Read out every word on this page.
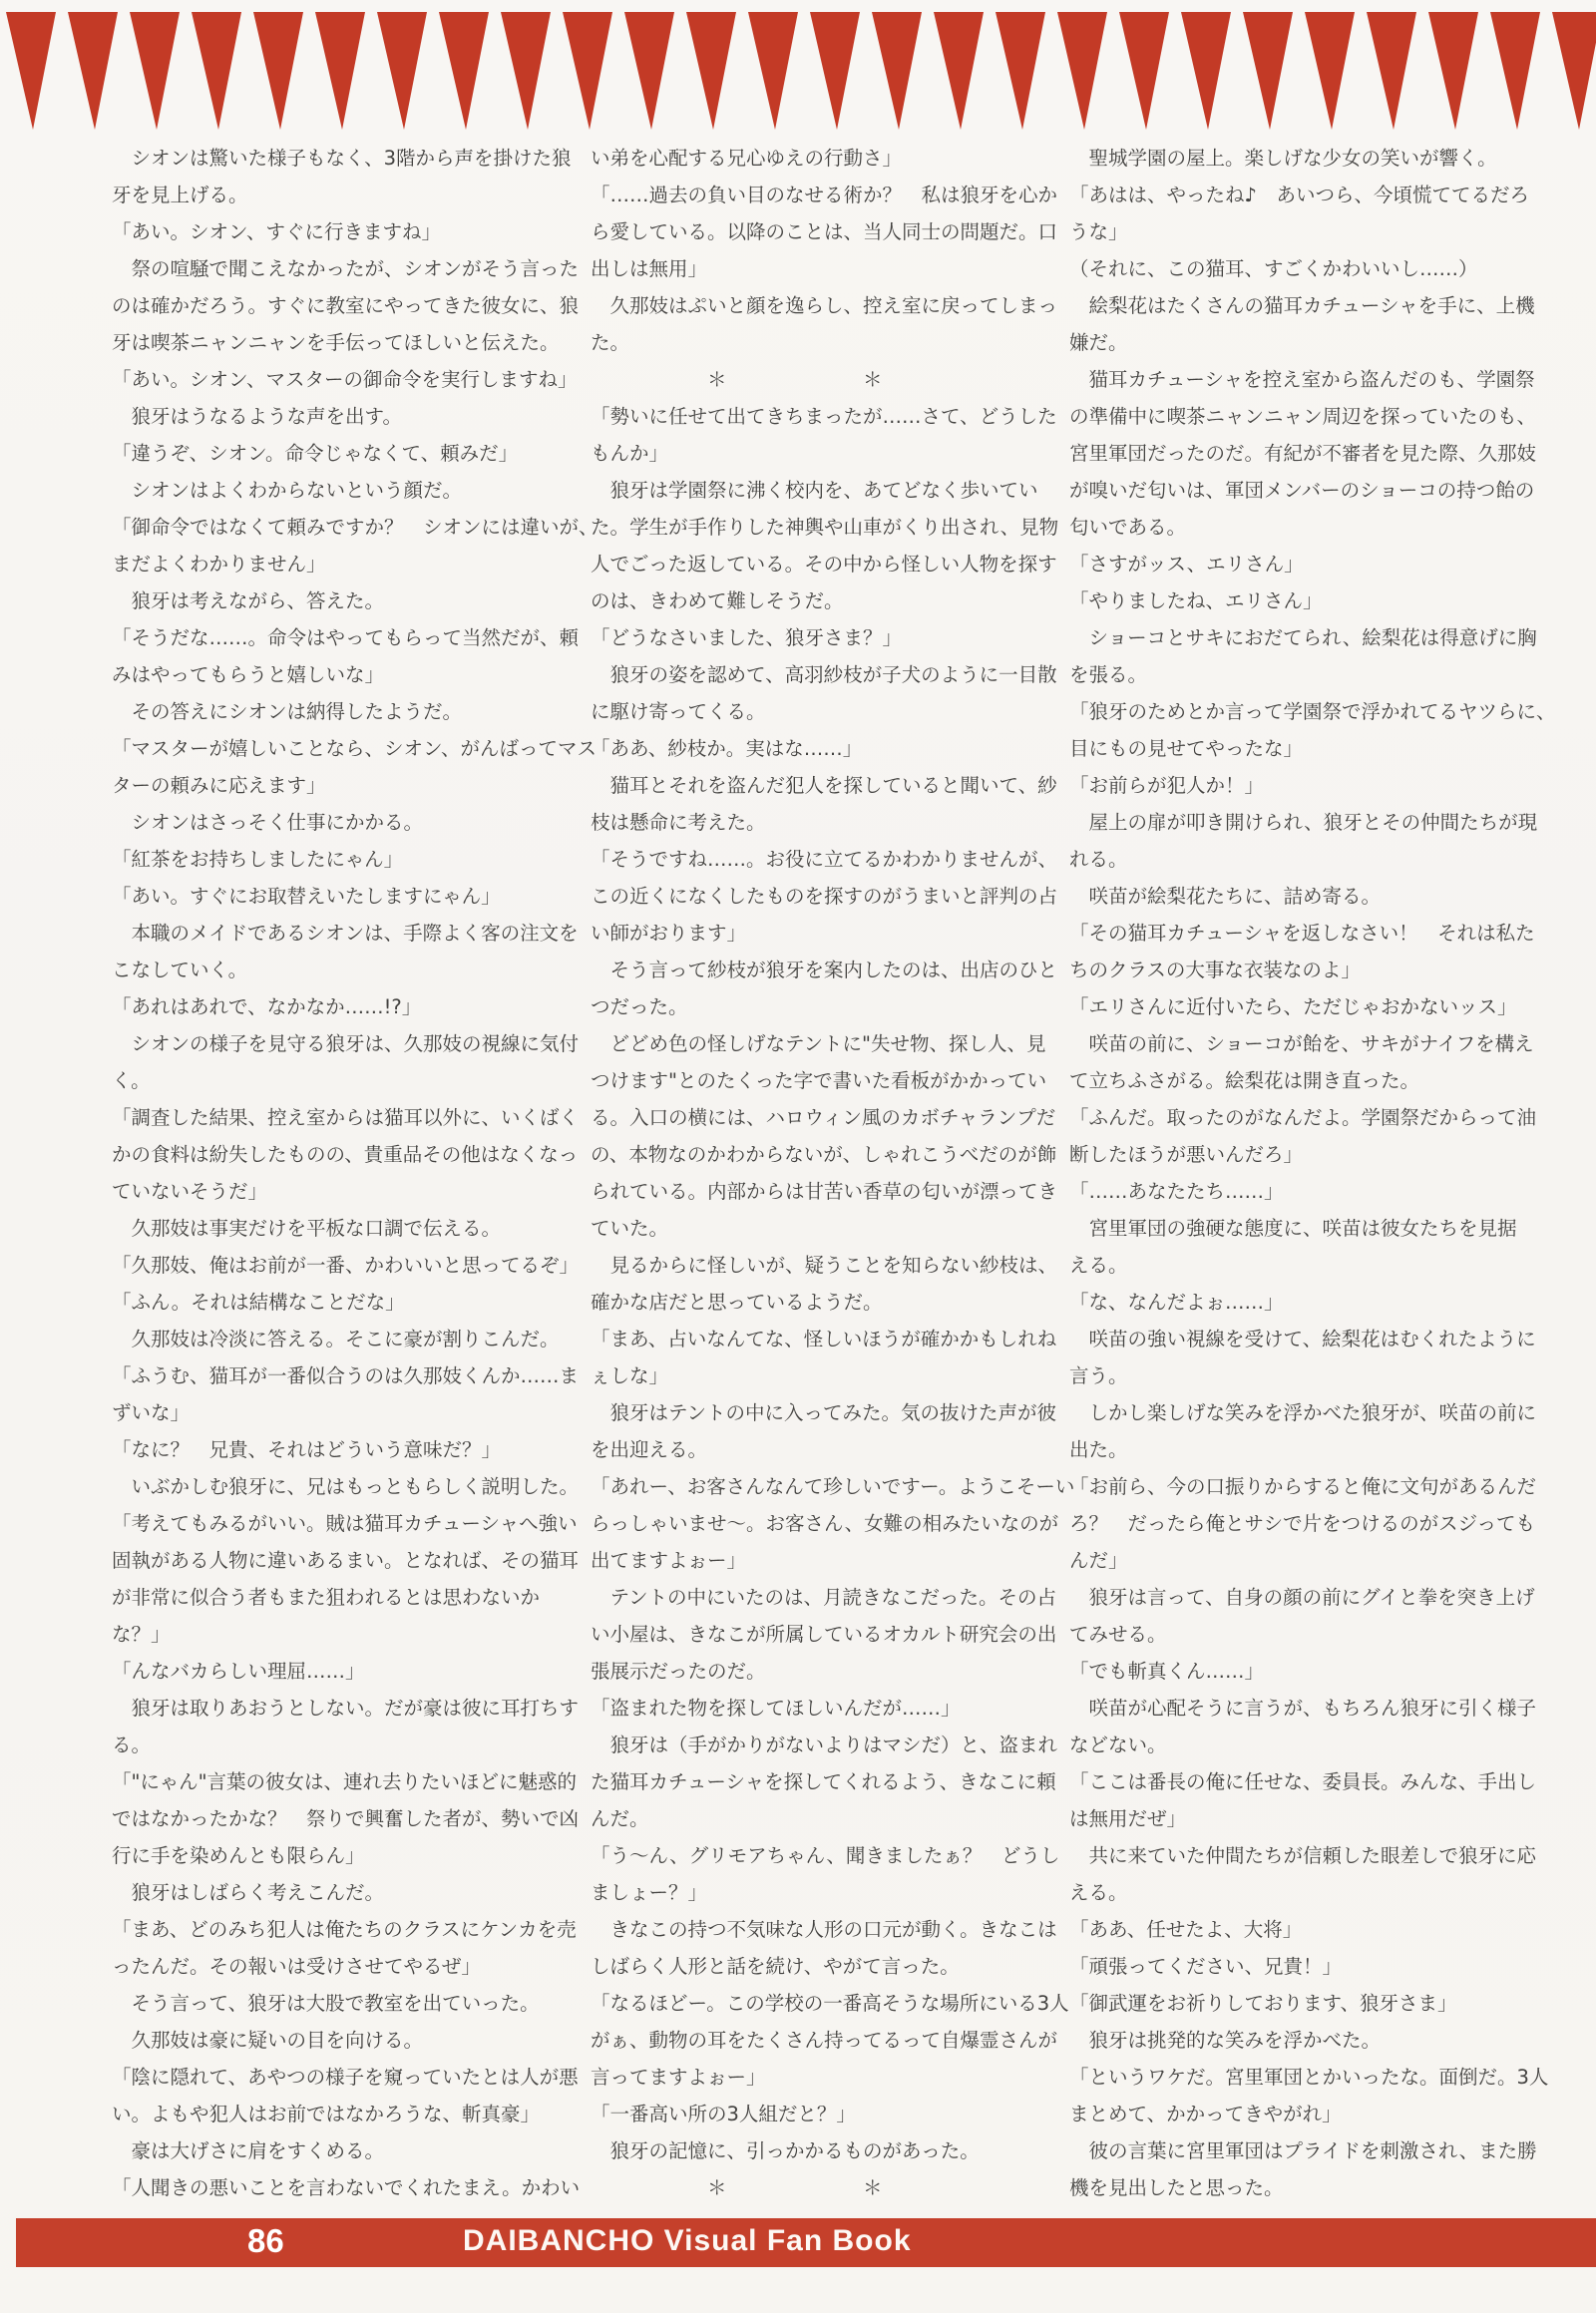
　シオンは驚いた様子もなく、3階から声を掛けた狼
牙を見上げる。
「あい。シオン、すぐに行きますね」
　祭の喧騒で聞こえなかったが、シオンがそう言った
のは確かだろう。すぐに教室にやってきた彼女に、狼
牙は喫茶ニャンニャンを手伝ってほしいと伝えた。
「あい。シオン、マスターの御命令を実行しますね」
　狼牙はうなるような声を出す。
「違うぞ、シオン。命令じゃなくて、頼みだ」
　シオンはよくわからないという顔だ。
「御命令ではなくて頼みですか？　シオンには違いが、
まだよくわかりません」
　狼牙は考えながら、答えた。
「そうだな……。命令はやってもらって当然だが、頼
みはやってもらうと嬉しいな」
　その答えにシオンは納得したようだ。
「マスターが嬉しいことなら、シオン、がんばってマス
ターの頼みに応えます」
　シオンはさっそく仕事にかかる。
「紅茶をお持ちしましたにゃん」
「あい。すぐにお取替えいたしますにゃん」
　本職のメイドであるシオンは、手際よく客の注文を
こなしていく。
「あれはあれで、なかなか……!?」
　シオンの様子を見守る狼牙は、久那妓の視線に気付
く。
「調査した結果、控え室からは猫耳以外に、いくばく
かの食料は紛失したものの、貴重品その他はなくなっ
ていないそうだ」
　久那妓は事実だけを平板な口調で伝える。
「久那妓、俺はお前が一番、かわいいと思ってるぞ」
「ふん。それは結構なことだな」
　久那妓は冷淡に答える。そこに豪が割りこんだ。
「ふうむ、猫耳が一番似合うのは久那妓くんか……ま
ずいな」
「なに？　兄貴、それはどういう意味だ？」
　いぶかしむ狼牙に、兄はもっともらしく説明した。
「考えてもみるがいい。賊は猫耳カチューシャへ強い
固執がある人物に違いあるまい。となれば、その猫耳
が非常に似合う者もまた狙われるとは思わないか
な？」
「んなバカらしい理屈……」
　狼牙は取りあおうとしない。だが豪は彼に耳打ちす
る。
「"にゃん"言葉の彼女は、連れ去りたいほどに魅惑的
ではなかったかな？　祭りで興奮した者が、勢いで凶
行に手を染めんとも限らん」
　狼牙はしばらく考えこんだ。
「まあ、どのみち犯人は俺たちのクラスにケンカを売
ったんだ。その報いは受けさせてやるぜ」
　そう言って、狼牙は大股で教室を出ていった。
　久那妓は豪に疑いの目を向ける。
「陰に隠れて、あやつの様子を窺っていたとは人が悪
い。よもや犯人はお前ではなかろうな、斬真豪」
　豪は大げさに肩をすくめる。
「人聞きの悪いことを言わないでくれたまえ。かわい
い弟を心配する兄心ゆえの行動さ」
「……過去の負い目のなせる術か？　私は狼牙を心か
ら愛している。以降のことは、当人同士の問題だ。口
出しは無用」
　久那妓はぷいと顔を逸らし、控え室に戻ってしまっ
た。
　　　　　　＊　　　　　　　＊
「勢いに任せて出てきちまったが……さて、どうした
もんか」
　狼牙は学園祭に沸く校内を、あてどなく歩いてい
た。学生が手作りした神輿や山車がくり出され、見物
人でごった返している。その中から怪しい人物を探す
のは、きわめて難しそうだ。
「どうなさいました、狼牙さま？」
　狼牙の姿を認めて、高羽紗枝が子犬のように一目散
に駆け寄ってくる。
「ああ、紗枝か。実はな……」
　猫耳とそれを盗んだ犯人を探していると聞いて、紗
枝は懸命に考えた。
「そうですね……。お役に立てるかわかりませんが、
この近くになくしたものを探すのがうまいと評判の占
い師がおります」
　そう言って紗枝が狼牙を案内したのは、出店のひと
つだった。
　どどめ色の怪しげなテントに"失せ物、探し人、見
つけます"とのたくった字で書いた看板がかかってい
る。入口の横には、ハロウィン風のカボチャランプだ
の、本物なのかわからないが、しゃれこうべだのが飾
られている。内部からは甘苦い香草の匂いが漂ってき
ていた。
　見るからに怪しいが、疑うことを知らない紗枝は、
確かな店だと思っているようだ。
「まあ、占いなんてな、怪しいほうが確かかもしれね
ぇしな」
　狼牙はテントの中に入ってみた。気の抜けた声が彼
を出迎える。
「あれー、お客さんなんて珍しいですー。ようこそーい
らっしゃいませ〜。お客さん、女難の相みたいなのが
出てますよぉー」
　テントの中にいたのは、月読きなこだった。その占
い小屋は、きなこが所属しているオカルト研究会の出
張展示だったのだ。
「盗まれた物を探してほしいんだが……」
　狼牙は（手がかりがないよりはマシだ）と、盗まれ
た猫耳カチューシャを探してくれるよう、きなこに頼
んだ。
「う〜ん、グリモアちゃん、聞きましたぁ？　どうし
ましょー？」
　きなこの持つ不気味な人形の口元が動く。きなこは
しばらく人形と話を続け、やがて言った。
「なるほどー。この学校の一番高そうな場所にいる3人
がぁ、動物の耳をたくさん持ってるって自爆霊さんが
言ってますよぉー」
「一番高い所の3人組だと？」
　狼牙の記憶に、引っかかるものがあった。
　　　　　　＊　　　　　　　＊
　聖城学園の屋上。楽しげな少女の笑いが響く。
「あはは、やったね♪　あいつら、今頃慌ててるだろ
うな」
（それに、この猫耳、すごくかわいいし……）
　絵梨花はたくさんの猫耳カチューシャを手に、上機
嫌だ。
　猫耳カチューシャを控え室から盗んだのも、学園祭
の準備中に喫茶ニャンニャン周辺を探っていたのも、
宮里軍団だったのだ。有紀が不審者を見た際、久那妓
が嗅いだ匂いは、軍団メンバーのショーコの持つ飴の
匂いである。
「さすがッス、エリさん」
「やりましたね、エリさん」
　ショーコとサキにおだてられ、絵梨花は得意げに胸
を張る。
「狼牙のためとか言って学園祭で浮かれてるヤツらに、
目にもの見せてやったな」
「お前らが犯人か！」
　屋上の扉が叩き開けられ、狼牙とその仲間たちが現
れる。
　咲苗が絵梨花たちに、詰め寄る。
「その猫耳カチューシャを返しなさい！　それは私た
ちのクラスの大事な衣装なのよ」
「エリさんに近付いたら、ただじゃおかないッス」
　咲苗の前に、ショーコが飴を、サキがナイフを構え
て立ちふさがる。絵梨花は開き直った。
「ふんだ。取ったのがなんだよ。学園祭だからって油
断したほうが悪いんだろ」
「……あなたたち……」
　宮里軍団の強硬な態度に、咲苗は彼女たちを見据
える。
「な、なんだよぉ……」
　咲苗の強い視線を受けて、絵梨花はむくれたように
言う。
　しかし楽しげな笑みを浮かべた狼牙が、咲苗の前に
出た。
「お前ら、今の口振りからすると俺に文句があるんだ
ろ？　だったら俺とサシで片をつけるのがスジっても
んだ」
　狼牙は言って、自身の顔の前にグイと拳を突き上げ
てみせる。
「でも斬真くん……」
　咲苗が心配そうに言うが、もちろん狼牙に引く様子
などない。
「ここは番長の俺に任せな、委員長。みんな、手出し
は無用だぜ」
　共に来ていた仲間たちが信頼した眼差しで狼牙に応
える。
「ああ、任せたよ、大将」
「頑張ってください、兄貴！」
「御武運をお祈りしております、狼牙さま」
　狼牙は挑発的な笑みを浮かべた。
「というワケだ。宮里軍団とかいったな。面倒だ。3人
まとめて、かかってきやがれ」
　彼の言葉に宮里軍団はプライドを刺激され、また勝
機を見出したと思った。
86	DAIBANCHO Visual Fan Book
